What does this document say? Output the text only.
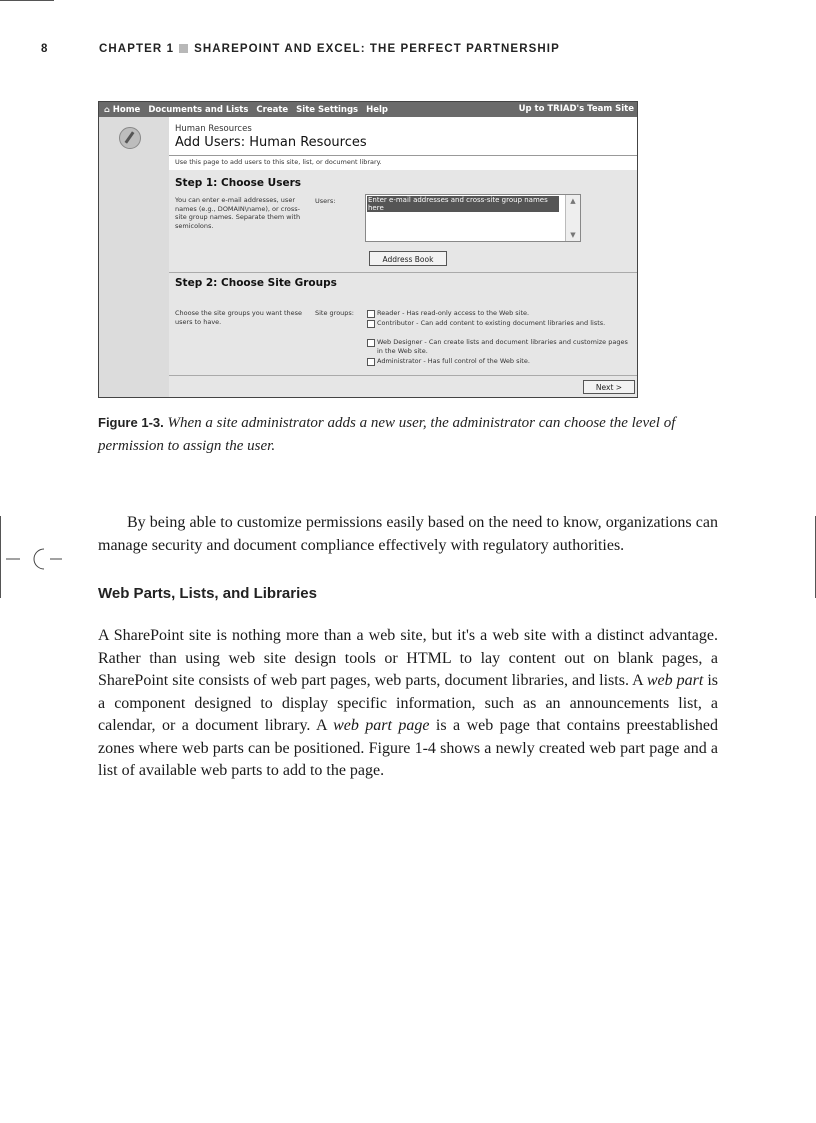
8	CHAPTER 1 SHAREPOINT AND EXCEL: THE PERFECT PARTNERSHIP
⌂ Home Documents and Lists Create Site Settings Help	Up to TRIAD's Team Site
Human Resources
Add Users: Human Resources
Use this page to add users to this site, list, or document library.
Step 1: Choose Users
You can enter e-mail addresses, user names (e.g., DOMAIN\name), or cross-site group names. Separate them with semicolons.
Users:	Enter e-mail addresses and cross-site group names here
▲
▼
Address Book
Step 2: Choose Site Groups
Choose the site groups you want these users to have.
Site groups:	Reader - Has read-only access to the Web site.
Contributor - Can add content to existing document libraries and lists.
Web Designer - Can create lists and document libraries and customize pages in the Web site.
Administrator - Has full control of the Web site.
Next >
Figure 1-3. When a site administrator adds a new user, the administrator can choose the level of permission to assign the user.
By being able to customize permissions easily based on the need to know, organizations can manage security and document compliance effectively with regulatory authorities.
Web Parts, Lists, and Libraries
A SharePoint site is nothing more than a web site, but it's a web site with a distinct advantage. Rather than using web site design tools or HTML to lay content out on blank pages, a SharePoint site consists of web part pages, web parts, document libraries, and lists. A web part is a component designed to display specific information, such as an announcements list, a calendar, or a document library. A web part page is a web page that contains preestablished zones where web parts can be positioned. Figure 1-4 shows a newly created web part page and a list of available web parts to add to the page.
